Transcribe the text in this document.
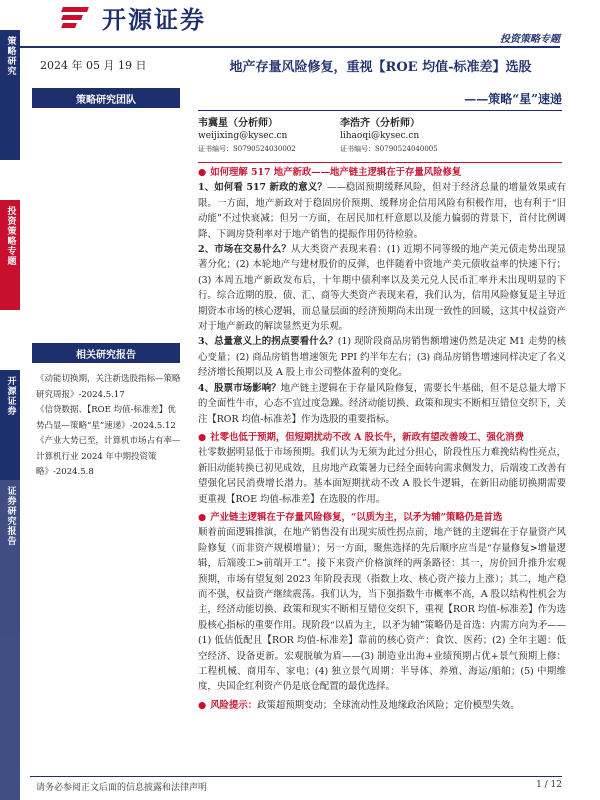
开源证券
投资策略专题
策略研究
投资策略专题
开源证券
证券研究报告
2024 年 05 月 19 日
策略研究团队
地产存量风险修复，重视【ROE 均值-标准差】选股
——策略“星”速递
韦冀星（分析师）
weijixing@kysec.cn
证书编号：S0790524030002
李浩齐（分析师）
lihaoqi@kysec.cn
证书编号：S0790524040005

● 如何理解 517 地产新政——地产链主逻辑在于存量风险修复

1、如何看 517 新政的意义？——稳固预期缓释风险，但对于经济总量的增量效果或有限。一方面，地产新政对于稳固房价预期、缓释房企信用风险有积极作用，也有利于“旧动能”不过快衰减；但另一方面，在居民加杠杆意愿以及能力偏弱的背景下，首付比例调降、下调房贷利率对于地产销售的提振作用仍待检验。

2、市场在交易什么？从大类资产表现来看：(1) 近期不同等级的地产美元债走势出现显著分化；(2) 本轮地产与建材股价的反弹，也伴随着中资地产美元债收益率的快速下行；(3) 本周五地产新政发布后，十年期中债利率以及美元兑人民币汇率并未出现明显的下行。综合近期的股、债、汇、商等大类资产表现来看，我们认为，信用风险修复是主导近期资本市场的核心逻辑，而总量层面的经济预期尚未出现一致性的回暖，这其中权益资产对于地产新政的解读显然更为乐观。

3、总量意义上的拐点要看什么？(1) 现阶段商品房销售额增速仍然是决定 M1 走势的核心变量；(2) 商品房销售增速领先 PPI 约半年左右；(3) 商品房销售增速同样决定了名义经济增长预期以及 A 股上市公司整体盈利的变化。

4、股票市场影响？地产链主逻辑在于存量风险修复，需要长牛基础，但不是总量大增下的全面性牛市，心态不宜过度急躁。经济动能切换、政策和现实不断相互错位交织下，关注【ROR 均值-标准差】作为选股的重要指标。

● 社零也低于预期，但短期扰动不改 A 股长牛，新政有望改善竣工、强化消费

社零数据明显低于市场预期。我们认为无须为此过分担心，阶段性压力难挽结构性亮点，新旧动能转换已初见成效，且房地产政策暑力已经全面转向需求侧发力，后端竣工改善有望强化居民消费增长潜力。基本面短期扰动不改 A 股长牛逻辑，在新旧动能切换期需要更重视【ROE 均值-标准差】在选股的作用。

● 产业链主逻辑在于存量风险修复，“以质为主，以矛为辅”策略仍是首选

顺着前面逻辑推演，在地产销售没有出现实质性拐点前，地产链的主逻辑在于存量资产风险修复（而非资产规模增量）；另一方面，聚焦选择的先后顺序应当是“存量修复>增量逻辑，后端竣工>前端开工”。接下来资产价格演绎的两条路径：其一，房价回升推升宏观预期，市场有望复刻 2023 年阶段表现（指数上攻、核心资产接力上涨）；其二，地产稳而不强，权益资产继续震荡。我们认为，当下强指数牛市概率不高，A 股以结构性机会为主，经济动能切换、政策和现实不断相互错位交织下，重视【ROR 均值-标准差】作为选股核心指标的重要作用。现阶段“以盾为主，以矛为辅”策略仍是首选：内需方向为矛——(1) 低估低配且【ROR 均值-标准差】靠前的核心资产：食饮、医药；(2) 全年主题：低空经济、设备更新。宏观脱敏为盾——(3) 制造业出海+业绩预期占优+景气预期上修：工程机械、商用车、家电；(4) 独立景气周期：半导体、养殖、海运/船舶；(5) 中期维度，央国企红利资产仍是底仓配置的最优选择。

● 风险提示：政策超预期变动；全球流动性及地缘政治风险；定价模型失效。

相关研究报告
《动能切换期，关注新选股指标—策略研究周报》-2024.5.17
《信贷数据、【ROE 均值-标准差】优势凸显—策略“星”速递》-2024.5.12
《产业大势已至，计算机市场占有率—计算机行业 2024 年中期投资策略》-2024.5.8
请务必参阅正文后面的信息披露和法律声明	1 / 12
